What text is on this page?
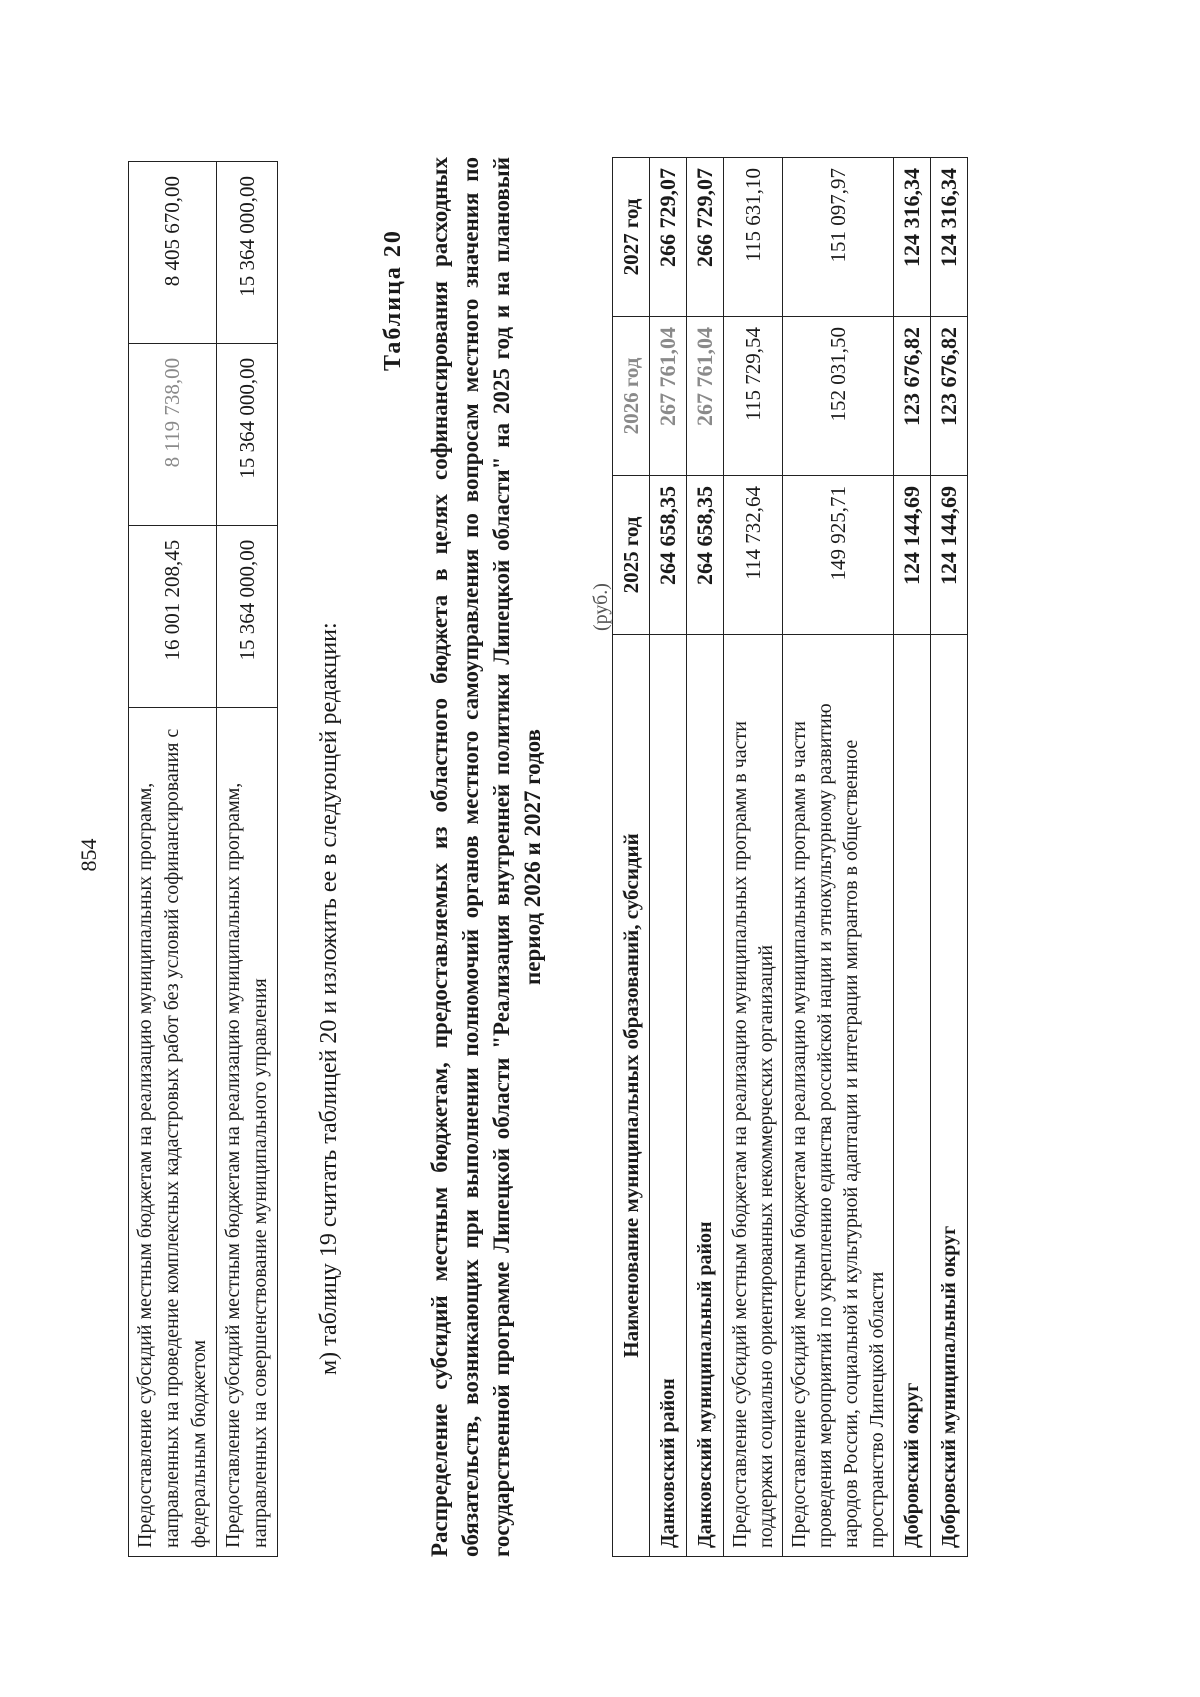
854 Предоставление субсидий местным бюджетам на реализацию муниципальных программ, направленных на проведение комплексных кадастровых работ без условий софинансирования с федеральным бюджетом	16 001 208,45	8 119 738,00	8 405 670,00
Предоставление субсидий местным бюджетам на реализацию муниципальных программ, направленных на совершенствование муниципального управления	15 364 000,00	15 364 000,00	15 364 000,00
м) таблицу 19 считать таблицей 20 и изложить ее в следующей редакции:
Таблица 20 Распределение субсидий местным бюджетам, предоставляемых из областного бюджета в целях софинансирования расходных обязательств, возникающих при выполнении полномочий органов местного самоуправления по вопросам местного значения по государственной программе Липецкой области "Реализация внутренней политики Липецкой области" на 2025 год и на плановый период 2026 и 2027 годов
(руб.)
Наименование муниципальных образований, субсидий	2025 год	2026 год	2027 год
Данковский район	264 658,35	267 761,04	266 729,07
Данковский муниципальный район	264 658,35	267 761,04	266 729,07
Предоставление субсидий местным бюджетам на реализацию муниципальных программ в части поддержки социально ориентированных некоммерческих организаций	114 732,64	115 729,54	115 631,10
Предоставление субсидий местным бюджетам на реализацию муниципальных программ в части проведения мероприятий по укреплению единства российской нации и этнокультурному развитию народов России, социальной и культурной адаптации и интеграции мигрантов в общественное пространство Липецкой области	149 925,71	152 031,50	151 097,97
Добровский округ	124 144,69	123 676,82	124 316,34
Добровский муниципальный округ	124 144,69	123 676,82	124 316,34
